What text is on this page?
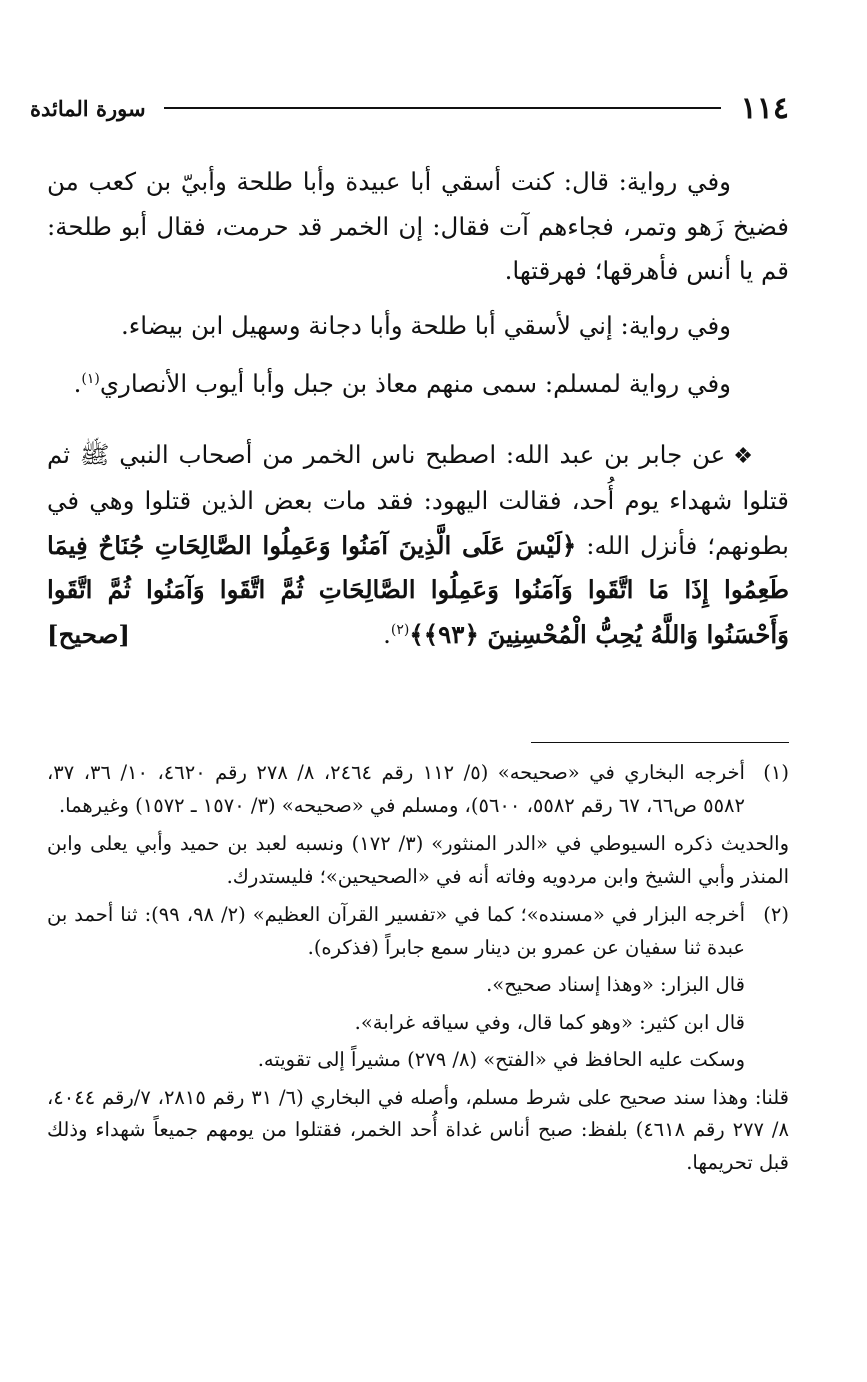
١١٤
سورة المائدة

وفي رواية: قال: كنت أسقي أبا عبيدة وأبا طلحة وأبيّ بن كعب من فضيخ زَهو وتمر، فجاءهم آت فقال: إن الخمر قد حرمت، فقال أبو طلحة: قم يا أنس فأهرقها؛ فهرقتها.

وفي رواية: إني لأسقي أبا طلحة وأبا دجانة وسهيل ابن بيضاء.

وفي رواية لمسلم: سمى منهم معاذ بن جبل وأبا أيوب الأنصاري$^{(١)}$.

❖عن جابر بن عبد الله: اصطبح ناس الخمر من أصحاب النبي ﷺ ثم قتلوا شهداء يوم أُحد، فقالت اليهود: فقد مات بعض الذين قتلوا وهي في بطونهم؛ فأنزل الله: ﴿لَيْسَ عَلَى الَّذِينَ آمَنُوا وَعَمِلُوا الصَّالِحَاتِ جُنَاحٌ فِيمَا طَعِمُوا إِذَا مَا اتَّقَوا وَآمَنُوا وَعَمِلُوا الصَّالِحَاتِ ثُمَّ اتَّقَوا وَآمَنُوا ثُمَّ اتَّقَوا وَأَحْسَنُوا وَاللَّهُ يُحِبُّ الْمُحْسِنِينَ ﴿٩٣﴾﴾$^{(٢)}$.
[صحيح]

(١)

أخرجه البخاري في «صحيحه» (٥/ ١١٢ رقم ٢٤٦٤، ٨/ ٢٧٨ رقم ٤٦٢٠، ١٠/ ٣٦، ٣٧، ٥٥٨٢ ص٦٦، ٦٧ رقم ٥٥٨٢، ٥٦٠٠)، ومسلم في «صحيحه» (٣/ ١٥٧٠ ـ ١٥٧٢) وغيرهما.

والحديث ذكره السيوطي في «الدر المنثور» (٣/ ١٧٢) ونسبه لعبد بن حميد وأبي يعلى وابن المنذر وأبي الشيخ وابن مردويه وفاته أنه في «الصحيحين»؛ فليستدرك.

(٢)

أخرجه البزار في «مسنده»؛ كما في «تفسير القرآن العظيم» (٢/ ٩٨، ٩٩): ثنا أحمد بن عبدة ثنا سفيان عن عمرو بن دينار سمع جابراً (فذكره).

قال البزار: «وهذا إسناد صحيح».

قال ابن كثير: «وهو كما قال، وفي سياقه غرابة».

وسكت عليه الحافظ في «الفتح» (٨/ ٢٧٩) مشيراً إلى تقويته.

قلنا: وهذا سند صحيح على شرط مسلم، وأصله في البخاري (٦/ ٣١ رقم ٢٨١٥، ٧/رقم ٤٠٤٤، ٨/ ٢٧٧ رقم ٤٦١٨) بلفظ: صبح أناس غداة أُحد الخمر، فقتلوا من يومهم جميعاً شهداء وذلك قبل تحريمها.
